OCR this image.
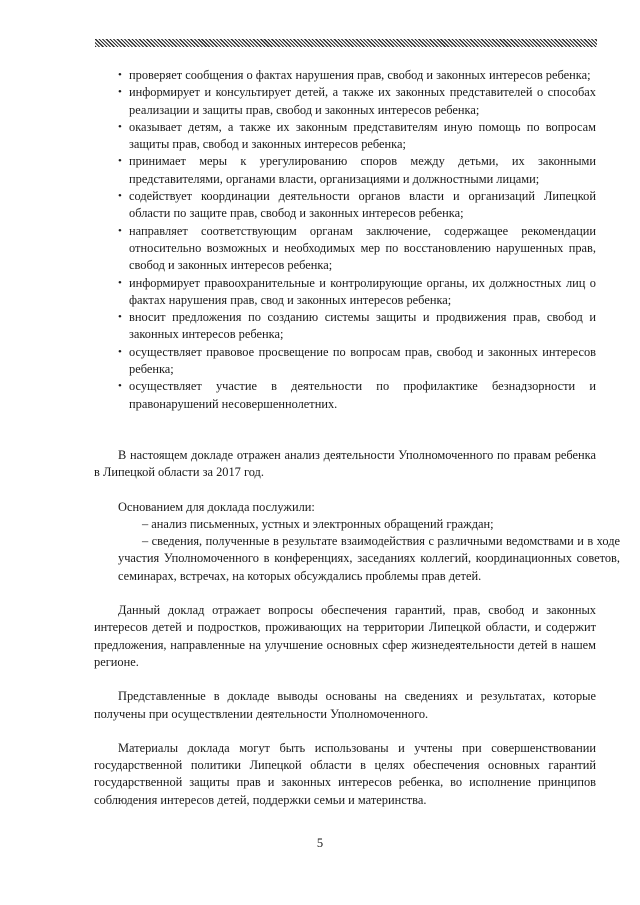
• проверяет сообщения о фактах нарушения прав, свобод и законных интересов ребенка;
• информирует и консультирует детей, а также их законных представителей о способах реализации и защиты прав, свобод и законных интересов ребенка;
• оказывает детям, а также их законным представителям иную помощь по вопросам защиты прав, свобод и законных интересов ребенка;
• принимает меры к урегулированию споров между детьми, их законными представителями, органами власти, организациями и должностными лицами;
• содействует координации деятельности органов власти и организаций Липецкой области по защите прав, свобод и законных интересов ребенка;
• направляет соответствующим органам заключение, содержащее рекомендации относительно возможных и необходимых мер по восстановлению нарушенных прав, свобод и законных интересов ребенка;
• информирует правоохранительные и контролирующие органы, их должностных лиц о фактах нарушения прав, свод и законных интересов ребенка;
• вносит предложения по созданию системы защиты и продвижения прав, свобод и законных интересов ребенка;
• осуществляет правовое просвещение по вопросам прав, свобод и законных интересов ребенка;
• осуществляет участие в деятельности по профилактике безнадзорности и правонарушений несовершеннолетних.

В настоящем докладе отражен анализ деятельности Уполномоченного по правам ребенка в Липецкой области за 2017 год.

Основанием для доклада послужили:

– анализ письменных, устных и электронных обращений граждан;

– сведения, полученные в результате взаимодействия с различными ведомствами и в ходе участия Уполномоченного в конференциях, заседаниях коллегий, координационных советов, семинарах, встречах, на которых обсуждались проблемы прав детей.

Данный доклад отражает вопросы обеспечения гарантий, прав, свобод и законных интересов детей и подростков, проживающих на территории Липецкой области, и содержит предложения, направленные на улучшение основных сфер жизнедеятельности детей в нашем регионе.

Представленные в докладе выводы основаны на сведениях и результатах, которые получены при осуществлении деятельности Уполномоченного.

Материалы доклада могут быть использованы и учтены при совершенствовании государственной политики Липецкой области в целях обеспечения основных гарантий государственной защиты прав и законных интересов ребенка, во исполнение принципов соблюдения интересов детей, поддержки семьи и материнства.

5
